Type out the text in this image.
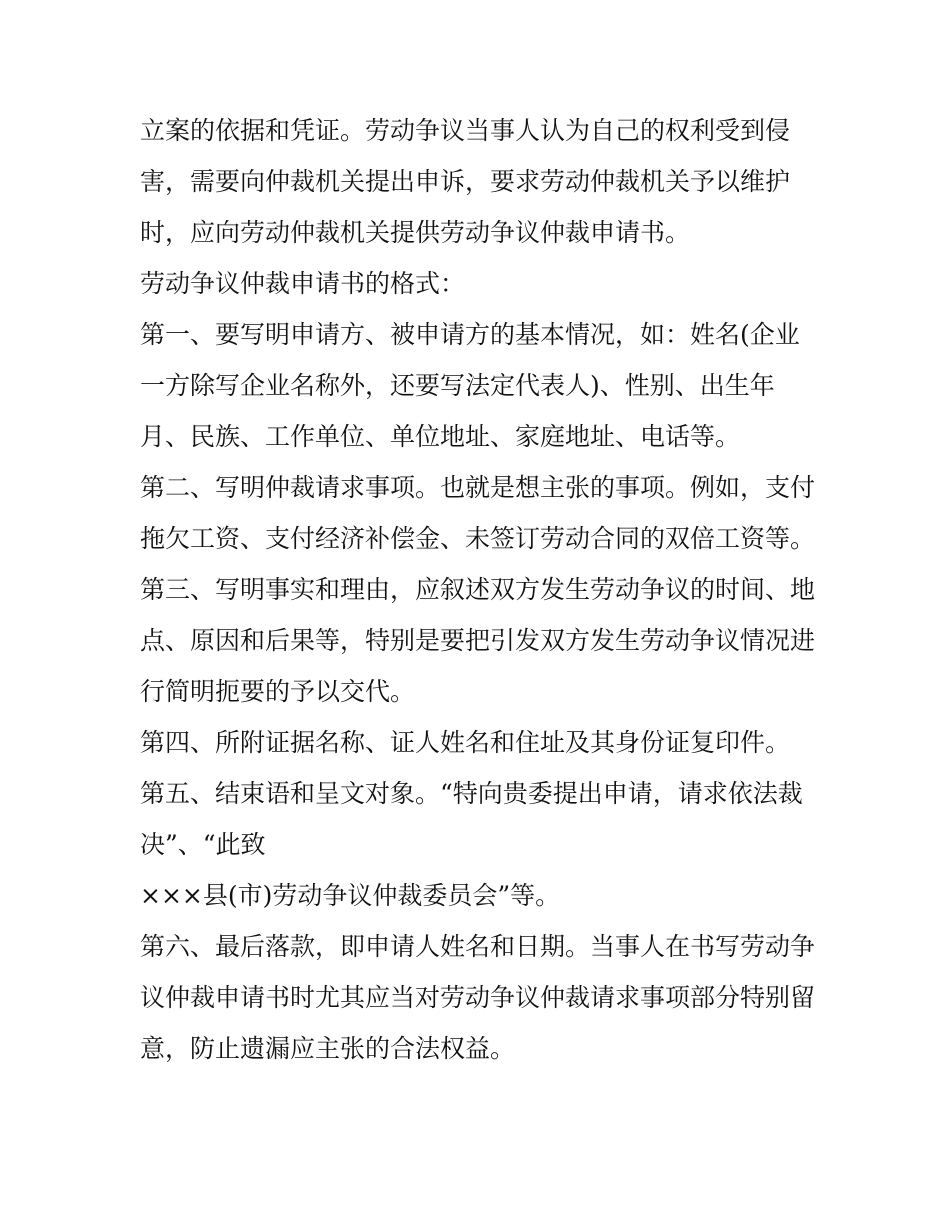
立案的依据和凭证。劳动争议当事人认为自己的权利受到侵
害，需要向仲裁机关提出申诉，要求劳动仲裁机关予以维护
时，应向劳动仲裁机关提供劳动争议仲裁申请书。
劳动争议仲裁申请书的格式：
第一、要写明申请方、被申请方的基本情况，如：姓名(企业
一方除写企业名称外，还要写法定代表人)、性别、出生年
月、民族、工作单位、单位地址、家庭地址、电话等。
第二、写明仲裁请求事项。也就是想主张的事项。例如，支付
拖欠工资、支付经济补偿金、未签订劳动合同的双倍工资等。
第三、写明事实和理由，应叙述双方发生劳动争议的时间、地
点、原因和后果等，特别是要把引发双方发生劳动争议情况进
行简明扼要的予以交代。
第四、所附证据名称、证人姓名和住址及其身份证复印件。
第五、结束语和呈文对象。“特向贵委提出申请，请求依法裁
决”、“此致
×××县(市)劳动争议仲裁委员会”等。
第六、最后落款，即申请人姓名和日期。当事人在书写劳动争
议仲裁申请书时尤其应当对劳动争议仲裁请求事项部分特别留
意，防止遗漏应主张的合法权益。
